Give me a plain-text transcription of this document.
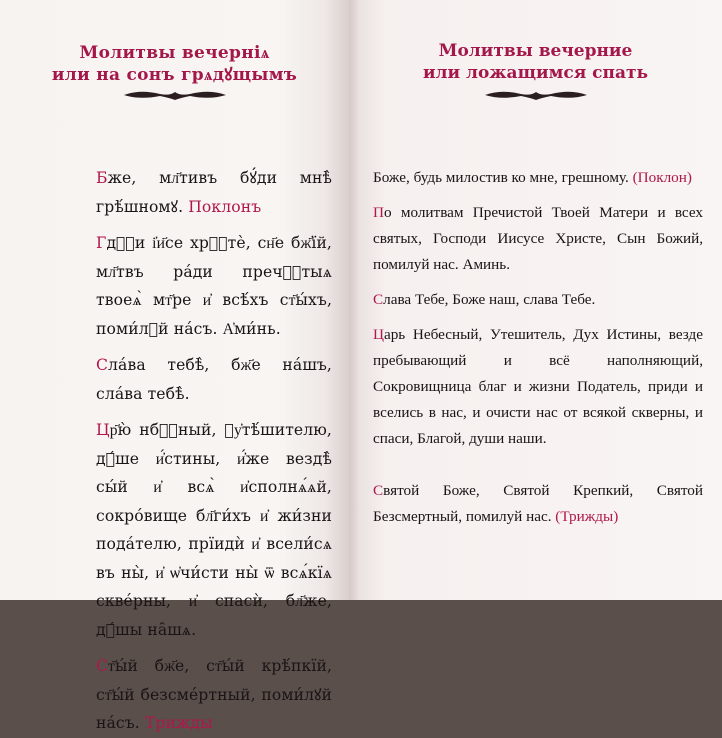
Молитвы вечерніѧ
или на сонъ грѧдꙋщымъ

Бже, мл҃тивъ бꙋ́ди мнѣ̀ грѣ́шномꙋ. Поклонъ

Гдⷭ҇и і҆и҃се хрⷭ҇тѐ, сн҃е бж҃їй, мл҃твъ ра́ди пречⷭ҇тыѧ твоеѧ̀ мт҃ре и҆ всѣ́хъ ст҃ы́хъ, поми́лꙋй на́съ. А҆ми́нь.

Сла́ва тебѣ̀, бж҃е на́шъ, сла́ва тебѣ̀.

Цр҃ю̀ нбⷭ҇ный, ᲂу҆тѣ́шителю, дꙋ́ше и҆́стины, и҆́же вездѣ̀ сы́й и҆ всѧ̀ и҆сполнѧ́ѧй, сокро́вище бл҃ги́хъ и҆ жи́зни пода́телю, прїидѝ и҆ всели́сѧ въ ны̀, и҆ ѡ҆чи́сти ны̀ ѿ всѧ́кїѧ скве́рны, и҆ спасѝ, бл҃же, дꙋ́шы на̑шѧ.

Ст҃ы́й бж҃е, ст҃ы́й крѣ́пкїй, ст҃ы́й безсме́ртный, поми́лꙋй на́съ. Трижды

Молитвы вечерние
или ложащимся спать

Боже, будь милостив ко мне, грешному. (Поклон)

По молитвам Пречистой Твоей Матери и всех святых, Господи Иисусе Христе, Сын Божий, помилуй нас. Аминь.

Слава Тебе, Боже наш, слава Тебе.

Царь Небесный, Утешитель, Дух Истины, везде пребывающий и всё наполняющий, Сокровищница благ и жизни Податель, приди и вселись в нас, и очисти нас от всякой скверны, и спаси, Благой, души наши.

Святой Боже, Святой Крепкий, Святой Безсмертный, помилуй нас. (Трижды)
